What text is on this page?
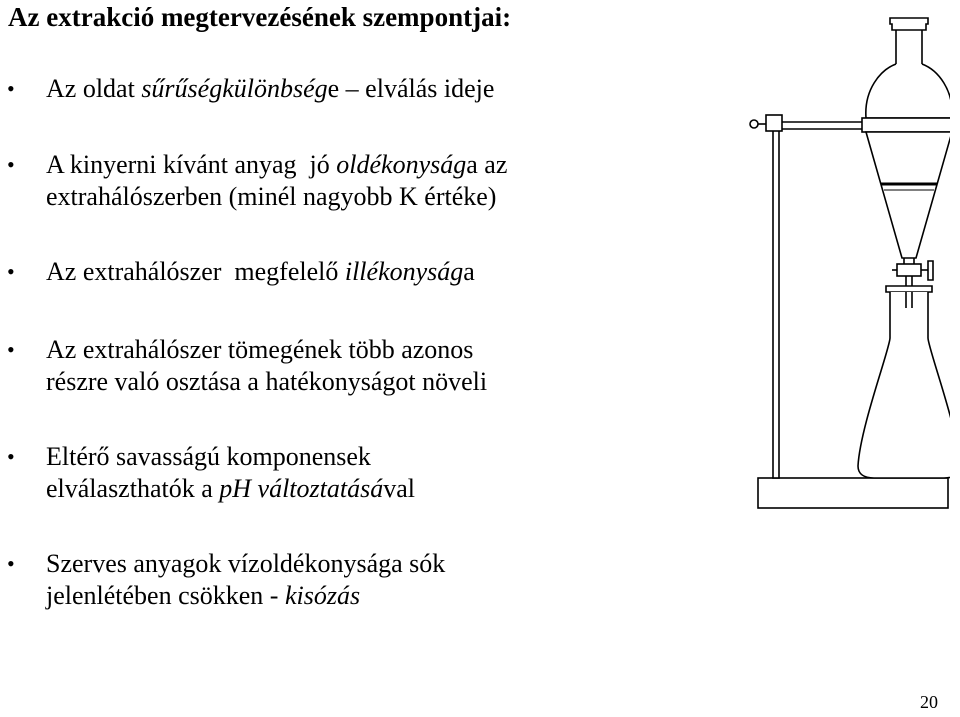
Az extrakció megtervezésének szempontjai:
• Az oldat sűrűségkülönbsége – elválás ideje
• A kinyerni kívánt anyag  jó oldékonysága az
extrahálószerben (minél nagyobb K értéke)
• Az extrahálószer  megfelelő illékonysága
• Az extrahálószer tömegének több azonos
részre való osztása a hatékonyságot növeli
• Eltérő savasságú komponensek
elválaszthatók a pH változtatásával
• Szerves anyagok vízoldékonysága sók
jelenlétében csökken - kisózás
20
